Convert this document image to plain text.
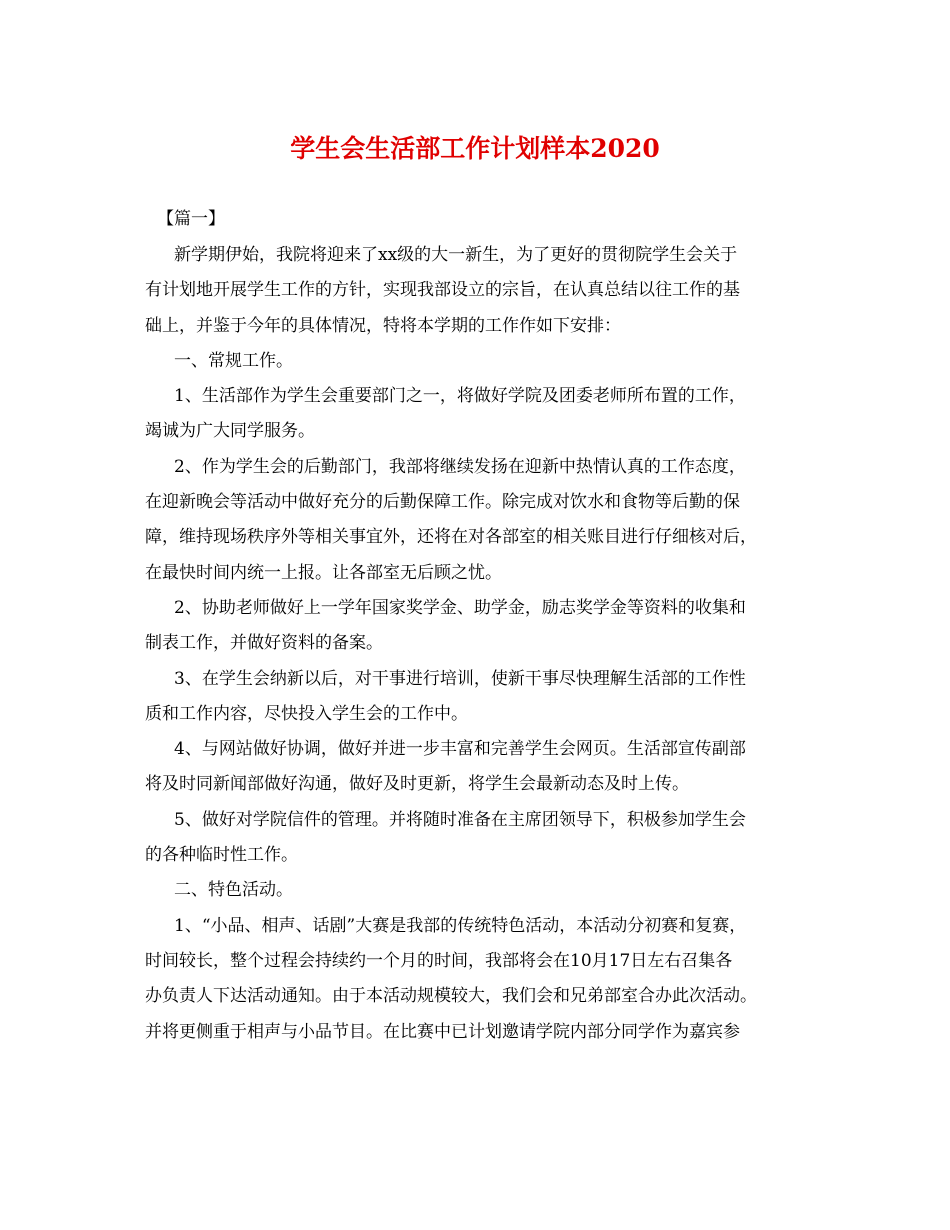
学生会生活部工作计划样本2020
【篇一】
新学期伊始，我院将迎来了xx级的大一新生，为了更好的贯彻院学生会关于
有计划地开展学生工作的方针，实现我部设立的宗旨，在认真总结以往工作的基
础上，并鉴于今年的具体情况，特将本学期的工作作如下安排：
一、常规工作。
1、生活部作为学生会重要部门之一，将做好学院及团委老师所布置的工作，
竭诚为广大同学服务。
2、作为学生会的后勤部门，我部将继续发扬在迎新中热情认真的工作态度，
在迎新晚会等活动中做好充分的后勤保障工作。除完成对饮水和食物等后勤的保
障，维持现场秩序外等相关事宜外，还将在对各部室的相关账目进行仔细核对后，
在最快时间内统一上报。让各部室无后顾之忧。
2、协助老师做好上一学年国家奖学金、助学金，励志奖学金等资料的收集和
制表工作，并做好资料的备案。
3、在学生会纳新以后，对干事进行培训，使新干事尽快理解生活部的工作性
质和工作内容，尽快投入学生会的工作中。
4、与网站做好协调，做好并进一步丰富和完善学生会网页。生活部宣传副部
将及时同新闻部做好沟通，做好及时更新，将学生会最新动态及时上传。
5、做好对学院信件的管理。并将随时准备在主席团领导下，积极参加学生会
的各种临时性工作。
二、特色活动。
1、“小品、相声、话剧”大赛是我部的传统特色活动，本活动分初赛和复赛，
时间较长，整个过程会持续约一个月的时间，我部将会在10月17日左右召集各
办负责人下达活动通知。由于本活动规模较大，我们会和兄弟部室合办此次活动。
并将更侧重于相声与小品节目。在比赛中已计划邀请学院内部分同学作为嘉宾参
